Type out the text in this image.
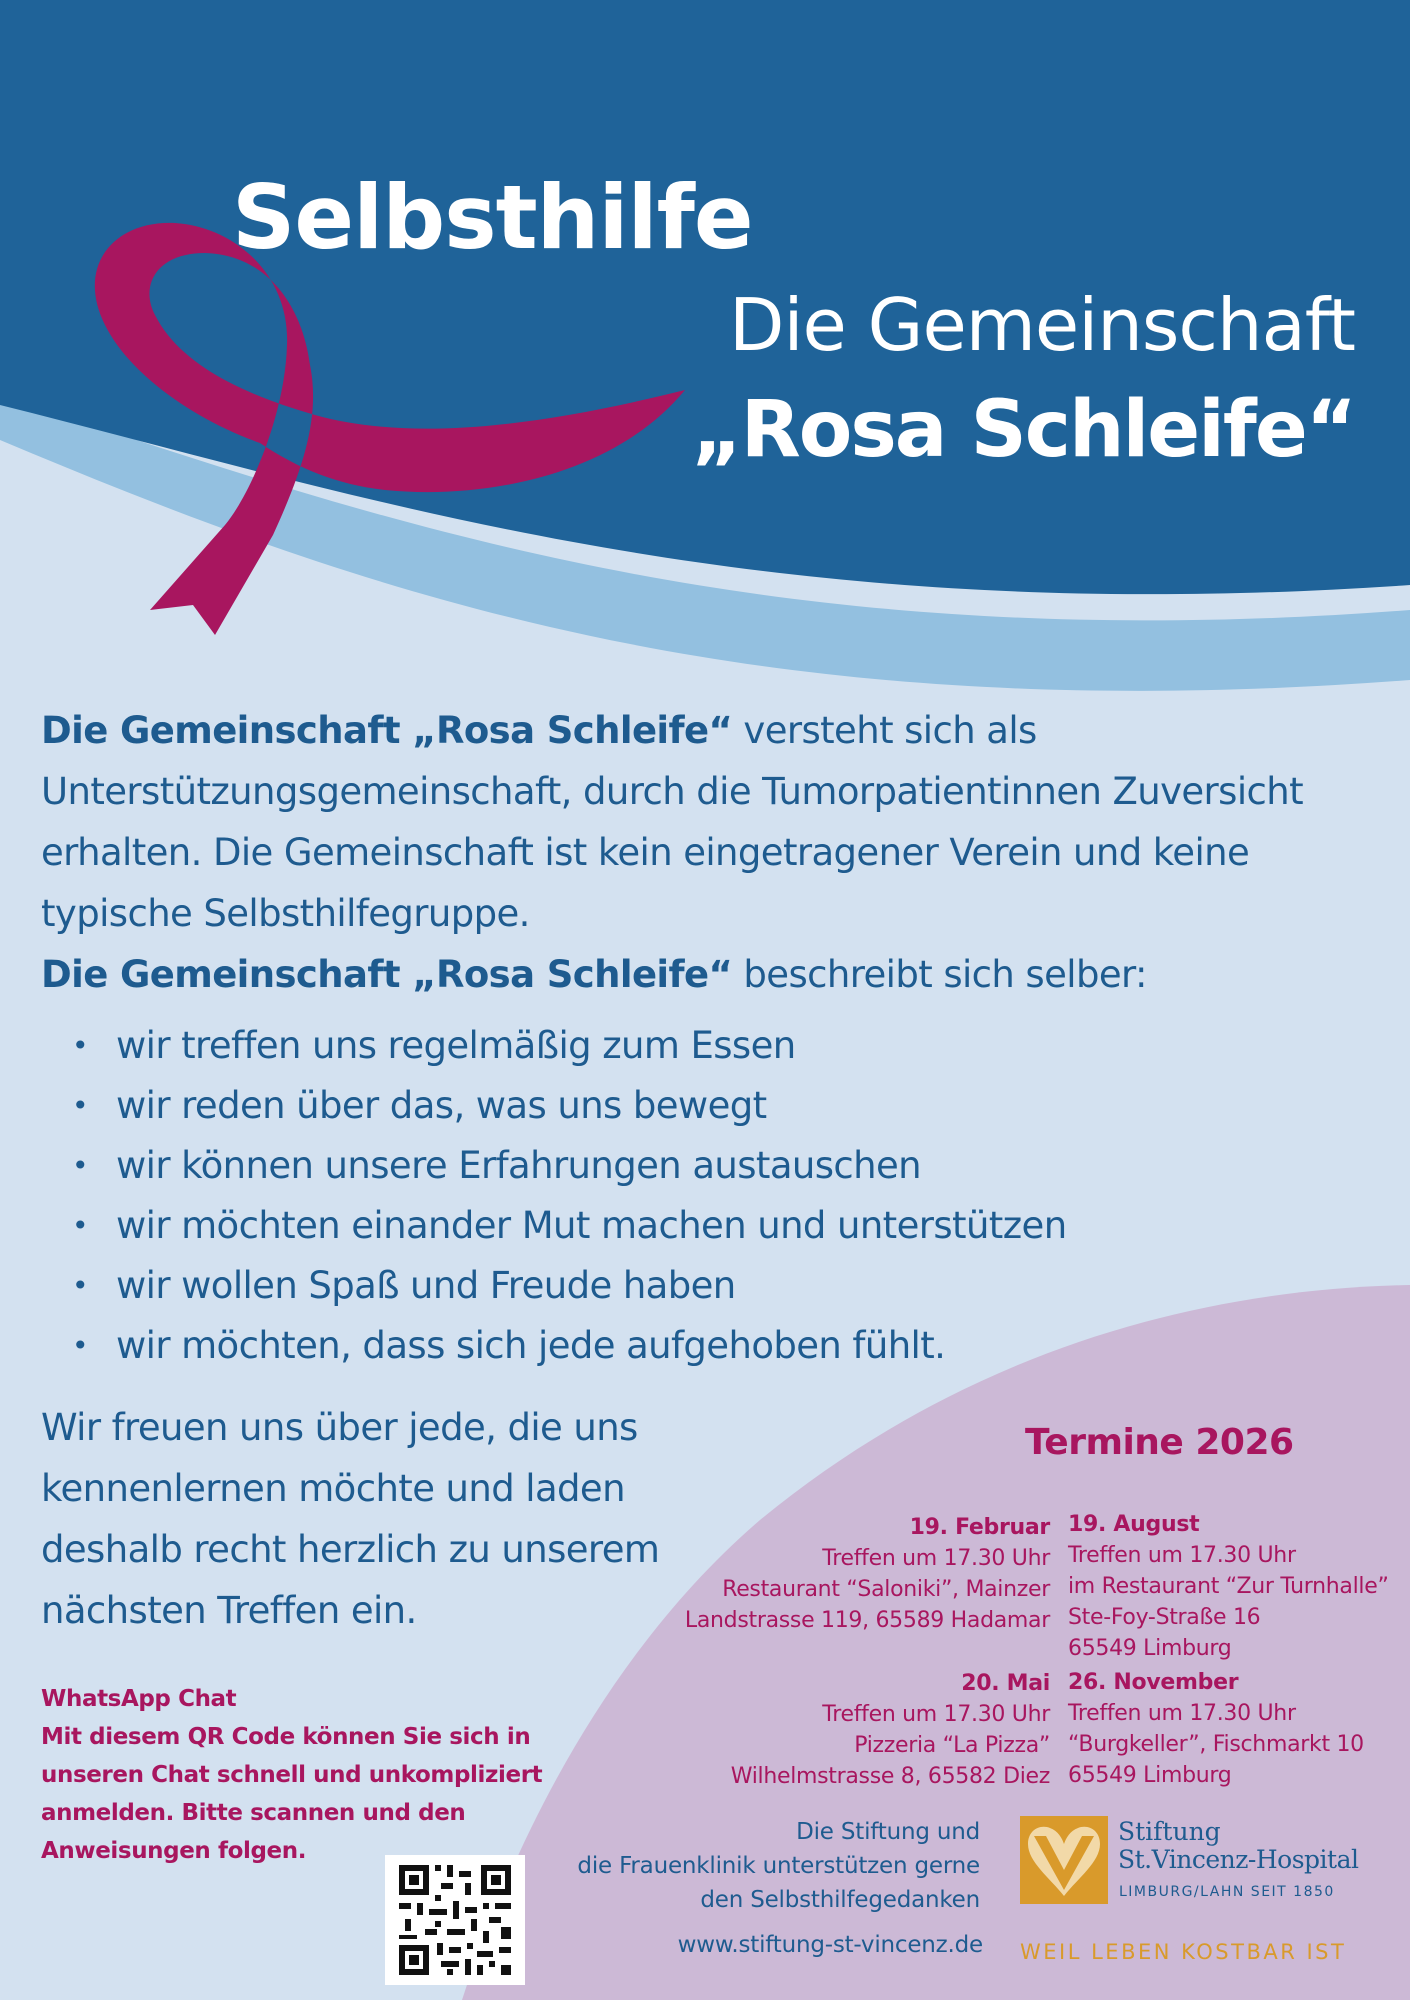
Selbsthilfe
Die Gemeinschaft
„Rosa Schleife“
Die Gemeinschaft „Rosa Schleife“ versteht sich als Unterstützungsgemeinschaft, durch die Tumorpatientinnen Zuversicht erhalten. Die Gemeinschaft ist kein eingetragener Verein und keine typische Selbsthilfegruppe.
Die Gemeinschaft „Rosa Schleife“ beschreibt sich selber:
• wir treffen uns regelmäßig zum Essen
• wir reden über das, was uns bewegt
• wir können unsere Erfahrungen austauschen
• wir möchten einander Mut machen und unterstützen
• wir wollen Spaß und Freude haben
• wir möchten, dass sich jede aufgehoben fühlt.
Wir freuen uns über jede, die uns kennenlernen möchte und laden deshalb recht herzlich zu unserem nächsten Treffen ein.
WhatsApp Chat
Mit diesem QR Code können Sie sich in
unseren Chat schnell und unkompliziert
anmelden. Bitte scannen und den
Anweisungen folgen.
Termine 2026
19. Februar
Treffen um 17.30 Uhr
Restaurant “Saloniki”, Mainzer
Landstrasse 119, 65589 Hadamar
20. Mai
Treffen um 17.30 Uhr
Pizzeria “La Pizza”
Wilhelmstrasse 8, 65582 Diez
19. August
Treffen um 17.30 Uhr
im Restaurant “Zur Turnhalle”
Ste-Foy-Straße 16
65549 Limburg
26. November
Treffen um 17.30 Uhr
“Burgkeller”, Fischmarkt 10
65549 Limburg
Die Stiftung und
die Frauenklinik unterstützen gerne
den Selbsthilfegedanken
www.stiftung-st-vincenz.de
Stiftung
St.Vincenz-Hospital
LIMBURG/LAHN SEIT 1850
WEIL LEBEN KOSTBAR IST
